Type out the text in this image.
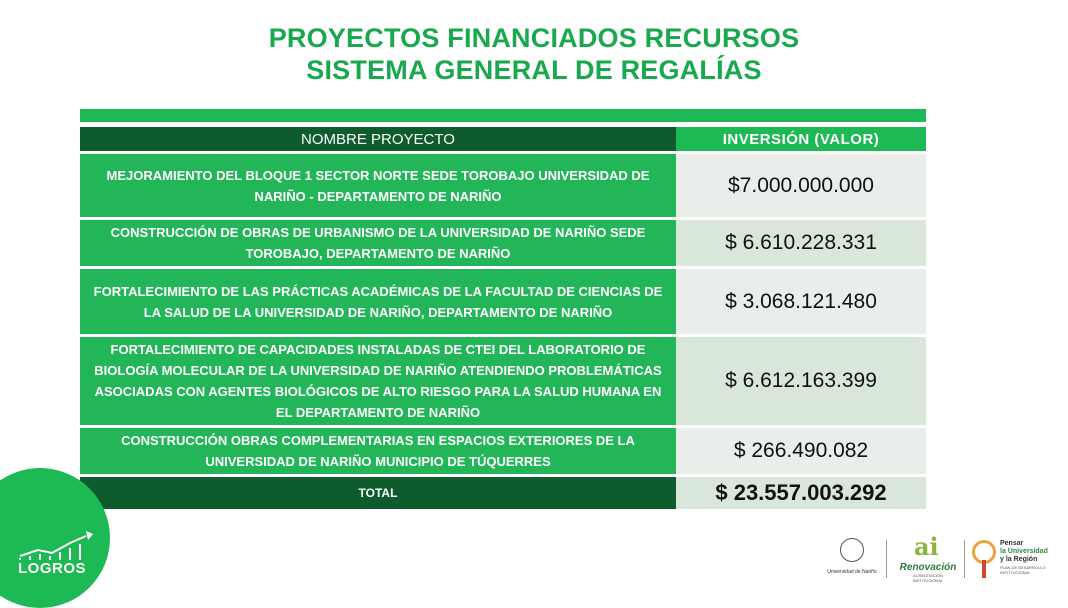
PROYECTOS FINANCIADOS RECURSOS
SISTEMA GENERAL DE REGALÍAS
NOMBRE PROYECTO	INVERSIÓN (VALOR)
MEJORAMIENTO DEL BLOQUE 1 SECTOR NORTE SEDE TOROBAJO UNIVERSIDAD DE NARIÑO - DEPARTAMENTO DE NARIÑO	$7.000.000.000
CONSTRUCCIÓN DE OBRAS DE URBANISMO DE LA UNIVERSIDAD DE NARIÑO SEDE TOROBAJO, DEPARTAMENTO DE NARIÑO	$ 6.610.228.331
FORTALECIMIENTO DE LAS PRÁCTICAS ACADÉMICAS DE LA FACULTAD DE CIENCIAS DE LA SALUD DE LA UNIVERSIDAD DE NARIÑO, DEPARTAMENTO DE NARIÑO	$ 3.068.121.480
FORTALECIMIENTO DE CAPACIDADES INSTALADAS DE CTEI DEL LABORATORIO DE BIOLOGÍA MOLECULAR DE LA UNIVERSIDAD DE NARIÑO ATENDIENDO PROBLEMÁTICAS ASOCIADAS CON AGENTES BIOLÓGICOS DE ALTO RIESGO PARA LA SALUD HUMANA EN EL DEPARTAMENTO DE NARIÑO	$ 6.612.163.399
CONSTRUCCIÓN OBRAS COMPLEMENTARIAS EN ESPACIOS EXTERIORES DE LA UNIVERSIDAD DE NARIÑO MUNICIPIO DE TÚQUERRES	$ 266.490.082
TOTAL	$ 23.557.003.292
LOGROS	Universidad de Nariño
ai
Renovación
ACREDITACIÓN INSTITUCIONAL
Pensar
la Universidad
y la Región
PLAN DE DESARROLLO INSTITUCIONAL
